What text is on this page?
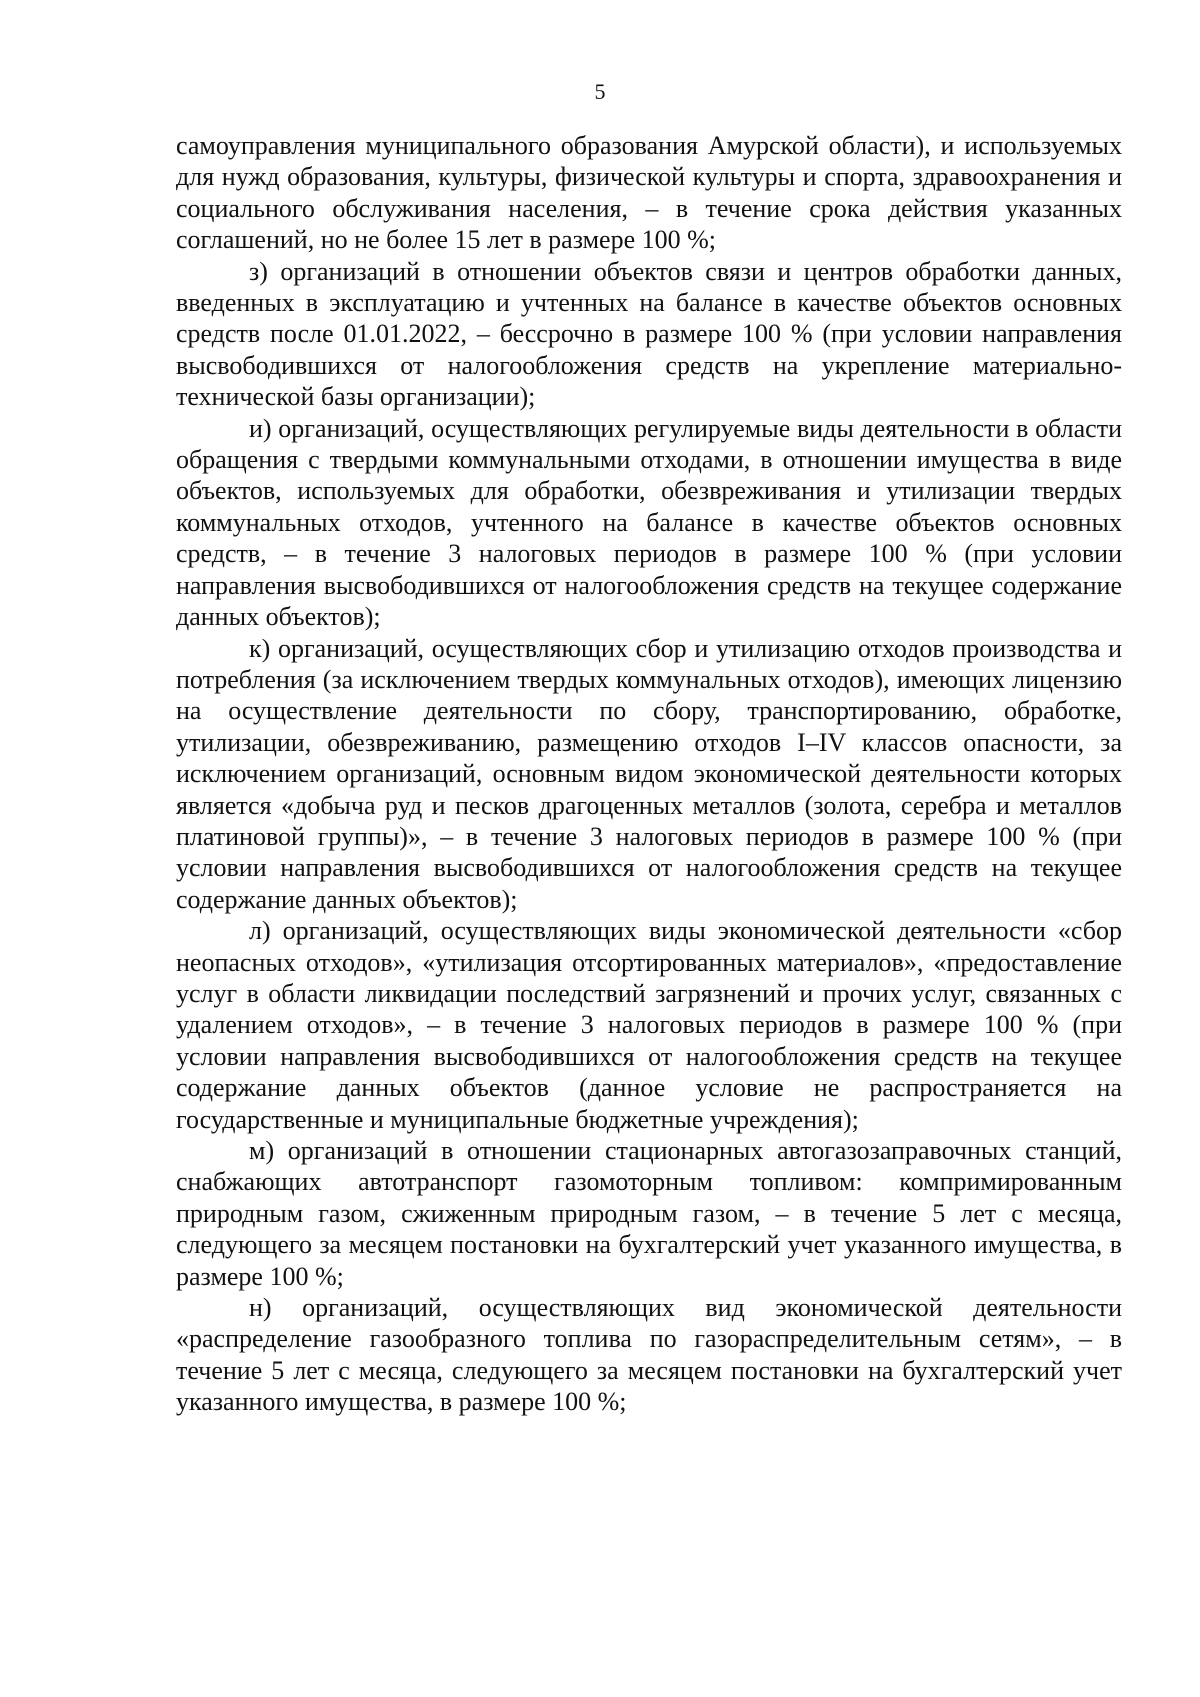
5

самоуправления муниципального образования Амурской области), и используемых для нужд образования, культуры, физической культуры и спорта, здравоохранения и социального обслуживания населения, – в течение срока действия указанных соглашений, но не более 15 лет в размере 100 %;

з) организаций в отношении объектов связи и центров обработки данных, введенных в эксплуатацию и учтенных на балансе в качестве объектов основных средств после 01.01.2022, – бессрочно в размере 100 % (при условии направления высвободившихся от налогообложения средств на укрепление материально-технической базы организации);

и) организаций, осуществляющих регулируемые виды деятельности в области обращения с твердыми коммунальными отходами, в отношении имущества в виде объектов, используемых для обработки, обезвреживания и утилизации твердых коммунальных отходов, учтенного на балансе в качестве объектов основных средств, – в течение 3 налоговых периодов в размере 100 % (при условии направления высвободившихся от налогообложения средств на текущее содержание данных объектов);

к) организаций, осуществляющих сбор и утилизацию отходов производства и потребления (за исключением твердых коммунальных отходов), имеющих лицензию на осуществление деятельности по сбору, транспортированию, обработке, утилизации, обезвреживанию, размещению отходов I–IV классов опасности, за исключением организаций, основным видом экономической деятельности которых является «добыча руд и песков драгоценных металлов (золота, серебра и металлов платиновой группы)», – в течение 3 налоговых периодов в размере 100 % (при условии направления высвободившихся от налогообложения средств на текущее содержание данных объектов);

л) организаций, осуществляющих виды экономической деятельности «сбор неопасных отходов», «утилизация отсортированных материалов», «предоставление услуг в области ликвидации последствий загрязнений и прочих услуг, связанных с удалением отходов», – в течение 3 налоговых периодов в размере 100 % (при условии направления высвободившихся от налогообложения средств на текущее содержание данных объектов (данное условие не распространяется на государственные и муниципальные бюджетные учреждения);

м) организаций в отношении стационарных автогазозаправочных станций, снабжающих автотранспорт газомоторным топливом: компримированным природным газом, сжиженным природным газом, – в течение 5 лет с месяца, следующего за месяцем постановки на бухгалтерский учет указанного имущества, в размере 100 %;

н) организаций, осуществляющих вид экономической деятельности «распределение газообразного топлива по газораспределительным сетям», – в течение 5 лет с месяца, следующего за месяцем постановки на бухгалтерский учет указанного имущества, в размере 100 %;
